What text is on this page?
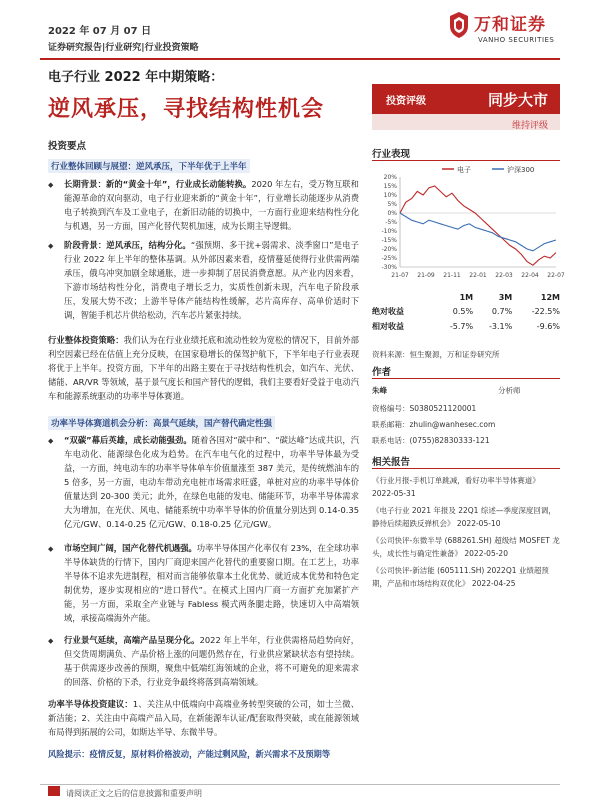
2022 年 07 月 07 日
证券研究报告|行业研究|行业投资策略
万和证券
VANHO SECURITIES
电子行业 2022 年中期策略：
逆风承压，寻找结构性机会	投资评级	同步大市
维持评级
投资要点
行业整体回顾与展望：逆风承压，下半年优于上半年
◆ 长期背景：新的“黄金十年”，行业成长动能转换。2020 年左右，受万物互联和能源革命的双向驱动，电子行业迎来新的“黄金十年”，行业增长动能逐步从消费电子转换到汽车及工业电子，在新旧动能的切换中，一方面行业迎来结构性分化与机遇，另一方面，国产化替代契机加速，成为长期主导逻辑。
◆ 阶段背景：逆风承压，结构分化。“强预期、多干扰+弱需求、淡季窗口”是电子行业 2022 年上半年的整体基调。从外部因素来看，疫情蔓延使得行业供需两端承压，俄乌冲突加剧全球通胀，进一步抑制了居民消费意愿。从产业内因来看，下游市场结构性分化，消费电子增长乏力，实质性创新未现，汽车电子阶段承压，发展大势不改；上游半导体产能结构性缓解，芯片高库存、高单价适时下调，智能手机芯片供给松动，汽车芯片紧张持续。
行业整体投资策略：我们认为在行业业绩托底和流动性较为宽松的情况下，目前外部利空因素已经在估值上充分反映，在国家稳增长的保驾护航下，下半年电子行业表现将优于上半年。投资方面，下半年的出路主要在于寻找结构性机会，如汽车、光伏、储能、AR/VR 等领域，基于景气度长和国产替代的逻辑，我们主要看好受益于电动汽车和能源系统驱动的功率半导体赛道。
功率半导体赛道机会分析：高景气延续，国产替代确定性强
◆ “双碳”幕后英雄，成长动能强劲。随着各国对“碳中和”、“碳达峰”达成共识，汽车电动化、能源绿色化成为趋势。在汽车电气化的过程中，功率半导体最为受益，一方面，纯电动车的功率半导体单车价值量涨至 387 美元，是传统燃油车的 5 倍多，另一方面，电动车带动充电桩市场需求旺盛，单桩对应的功率半导体价值量达到 20-300 美元；此外，在绿色电能的发电、储能环节，功率半导体需求大为增加，在光伏、风电、储能系统中功率半导体的价值量分别达到 0.14-0.35 亿元/GW、0.14-0.25 亿元/GW、0.18-0.25 亿元/GW。
◆ 市场空间广阔，国产化替代机遇强。功率半导体国产化率仅有 23%，在全球功率半导体缺货的行情下，国内厂商迎来国产化替代的重要窗口期。在工艺上，功率半导体不追求先进制程，相对而言能够依靠本土化优势、就近成本优势和特色定制优势，逐步实现相应的“进口替代”。在模式上国内厂商一方面扩充加紧扩产能，另一方面，采取全产业链与 Fabless 模式两条腿走路，快速切入中高端领域，承接高端海外产能。
◆ 行业景气延续，高端产品呈现分化。2022 年上半年，行业供需格局趋势向好，但交货周期满负、产品价格上涨的问题仍然存在，行业供应紧缺状态有望持续。基于供需逐步改善的预期，聚焦中低端红海领域的企业，将不可避免的迎来需求的回落、价格的下杀，行业竞争最终将落到高端领域。
功率半导体投资建议：1、关注从中低端向中高端业务转型突破的公司，如士兰微、新洁能；2、关注由中高端产品入局，在新能源车认证/配套取得突破，或在能源领域布局得到拓展的公司，如斯达半导、东微半导。
风险提示：疫情反复，原材料价格波动，产能过剩风险，新兴需求不及预期等
行业表现
电子	沪深300
20%
15%
10%
5%
0%
-5%
-10%
-15%
-20%
-25%
-30%
21-07 21-09 21-11 22-01 22-03 22-04 22-07
	1M	3M	12M
绝对收益	0.5%	0.7%	-22.5%
相对收益	-5.7%	-3.1%	-9.6%
资料来源：恒生聚源，万和证券研究所
作者
朱峰	分析师
资格编号：S0380521120001
联系邮箱：zhulin@wanhesec.com
联系电话：(0755)82830333-121
相关报告
《行业月报-手机订单跳减，看好功率半导体赛道》 2022-05-31
《电子行业 2021 年报及 22Q1 综述—季度深度回调，静待后续超跌反弹机会》 2022-05-10
《公司快评-东微半导 (688261.SH) 超级结 MOSFET 龙头，成长性与确定性兼备》 2022-05-20
《公司快评-新洁能 (605111.SH) 2022Q1 业绩超预期，产品和市场结构双优化》 2022-04-25
请阅读正文之后的信息披露和重要声明
